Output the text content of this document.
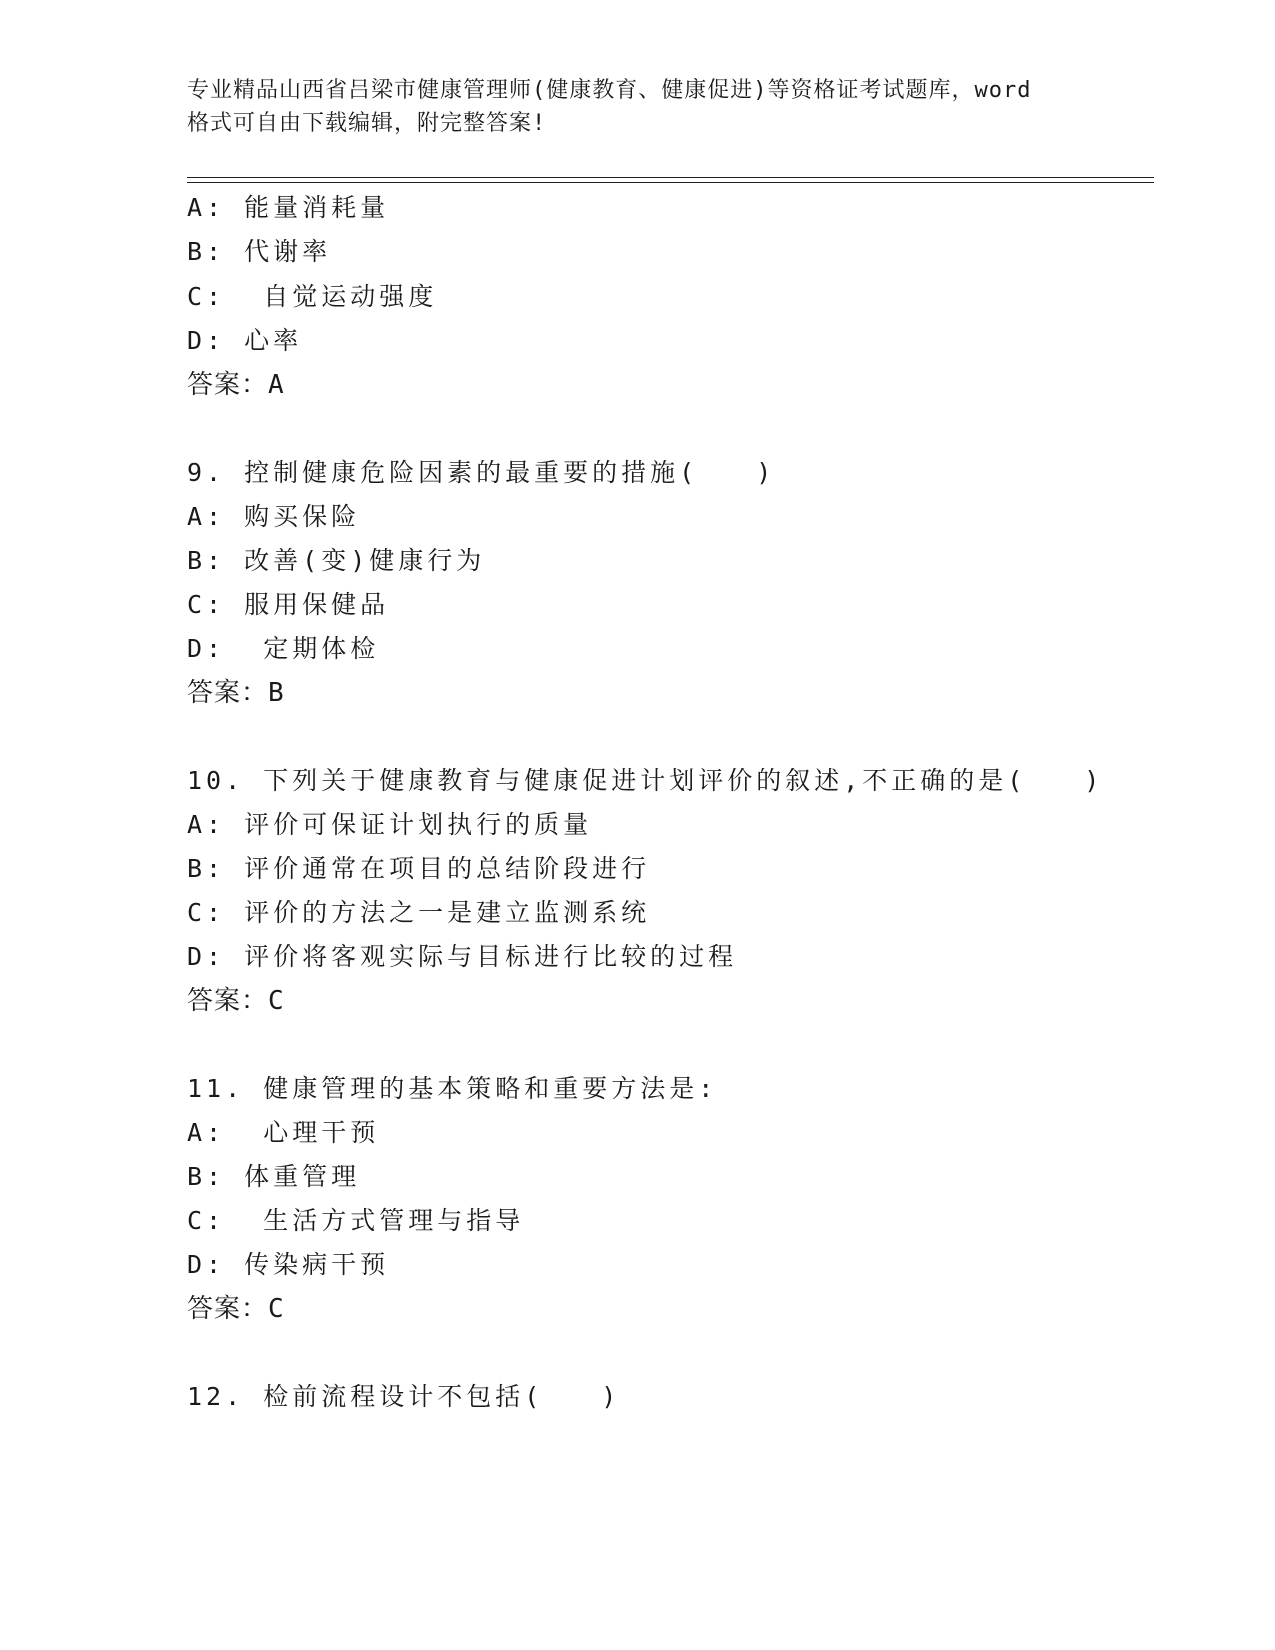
专业精品山西省吕梁市健康管理师(健康教育、健康促进)等资格证考试题库，word
格式可自由下载编辑，附完整答案!
A: 能量消耗量
B: 代谢率
C:  自觉运动强度
D: 心率
答案：A
9. 控制健康危险因素的最重要的措施(　　)
A: 购买保险
B: 改善(变)健康行为
C: 服用保健品
D:  定期体检
答案：B
10. 下列关于健康教育与健康促进计划评价的叙述,不正确的是(　　)
A: 评价可保证计划执行的质量
B: 评价通常在项目的总结阶段进行
C: 评价的方法之一是建立监测系统
D: 评价将客观实际与目标进行比较的过程
答案：C
11. 健康管理的基本策略和重要方法是:
A:  心理干预
B: 体重管理
C:  生活方式管理与指导
D: 传染病干预
答案：C
12. 检前流程设计不包括(　　)
